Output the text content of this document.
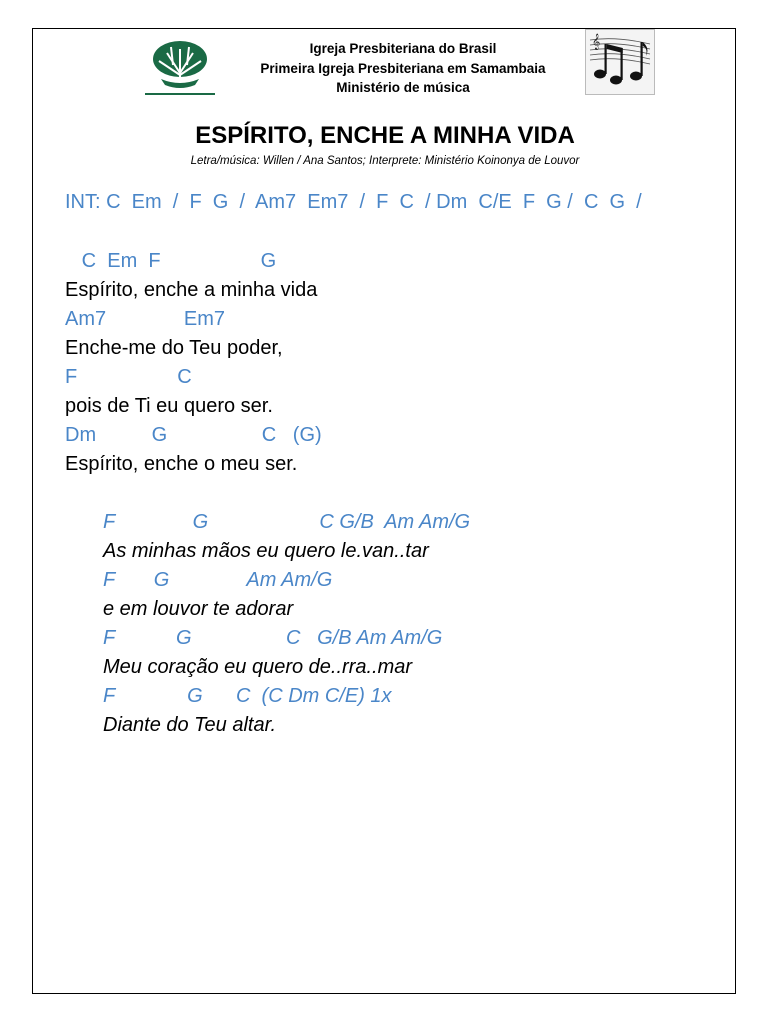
Igreja Presbiteriana do Brasil
Primeira Igreja Presbiteriana em Samambaia
Ministério de música
𝄞
ESPÍRITO, ENCHE A MINHA VIDA
Letra/música: Willen / Ana Santos; Interprete: Ministério Koinonya de Louvor
INT: C  Em  /  F  G  /  Am7  Em7  /  F  C  / Dm  C/E  F  G /  C  G  /
C  Em  F                  G
Espírito, enche a minha vida
Am7              Em7
Enche-me do Teu poder,
F                  C
pois de Ti eu quero ser.
Dm          G                 C   (G)
Espírito, enche o meu ser.
F              G                    C G/B  Am Am/G
As minhas mãos eu quero le.van..tar
F       G              Am Am/G
e em louvor te adorar
F           G                 C   G/B Am Am/G
Meu coração eu quero de..rra..mar
F             G      C  (C Dm C/E) 1x
Diante do Teu altar.
